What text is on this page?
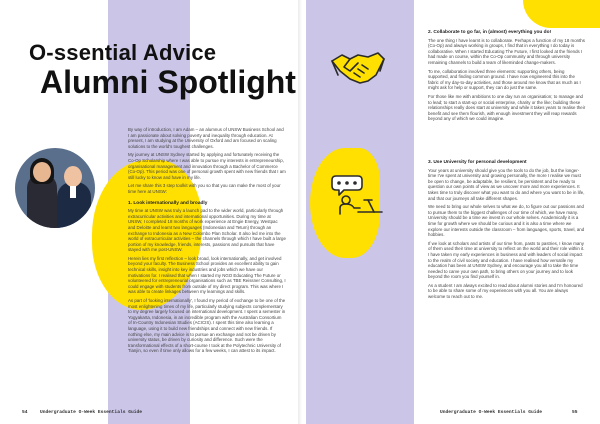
O-ssential Advice
Alumni Spotlight

By way of introduction, I am Adam – an alumnus of UNSW Business School and I am passionate about solving poverty and inequality through education. At present, I am studying at the University of Oxford and am focused on scaling solutions to the world's toughest challenges.

My journey at UNSW Sydney started by applying and fortunately receiving the Co-Op Scholarship where I was able to pursue my interests in entrepreneurship, organisational management and innovation through a Bachelor of Commerce (Co-Op). This period was one of personal growth spent with new friends that I am still lucky to know and have in my life.

Let me share this 3 step toolkit with you so that you can make the most of your time here at UNSW:

1. Look internationally and broadly

My time at UNSW was truly a launch pad to the wider world, particularly through extracurricular activities and international opportunities. During my time at UNSW, I completed 18 months of work experience at Engie Energy, Westpac and Deloitte and learnt two languages (Indonesian and Tetum) through an exchange to Indonesia as a New Colombo Plan Scholar. It also led me into the world of extracurricular activities – the channels through which I have built a large portion of my knowledge, friends, interests, passions and pursuits that have stayed with me post-UNSW.

Herein lies my first reflection – look broad, look internationally, and get involved beyond your faculty. The Business School provides an excellent ability to gain technical skills, insight into key industries and jobs which we have our motivations for. I realised that when I started my NGO Educating The Future or volunteered for entrepreneurial organisations such as TBE Reissner Consulting, I could engage with students from outside of my direct program. This was where I was able to create linkages between my learnings and skills.

As part of 'looking internationally', I found my period of exchange to be one of the most enlightening times of my life, particularly studying subjects complementary to my degree largely focused on international development. I spent a semester in Yogyakarta, Indonesia, in an incredible program with the Australian Consortium of In-Country Indonesian Studies (ACICIS). I spent this time also learning a language, using it to build new friendships and connect with new friends. If nothing else, my main advice is to pursue an exchange and not be driven by university status, be driven by curiosity and difference. Such were the transformational effects of a short-course I took at the Polytechnic University of Tianjin, so even if time only allows for a few weeks, I can attest to its impact.

54	Undergraduate O-Week Essentials Guide
2. Collaborate to go far, in (almost) everything you do!

The one thing I have learnt is to collaborate. Perhaps a function of my 18 months (Co-Op) and always working in groups, I find that in everything I do today is collaborative. When I started Educating The Future, I first looked at the friends I had made on course, within the Co-Op community and through university remaining channels to build a team of likeminded change-makers.

To me, collaboration involved three elements: supporting others, being supported, and finding common ground. I have now engineered this into the fabric of my day-to-day activities, and those around me know that as much as I might ask for help or support, they can do just the same.

For those like me with ambitions to one day run an organisation; to manage and to lead; to start a start-up or social enterprise, charity or the like; building these relationships really does start at university and while it takes years to realise their benefit and see them flourish, with enough investment they will reap rewards beyond any of which we could imagine.

3. Use University for personal development

Your years at university should give you the tools to do the job, but the longer-time I've spent at university and growing personally, the more I realise we must be open to change, be adaptable, be resilient, be persistent and be ready to question our own points of view as we uncover more and more experiences. It takes time to truly discover what you want to do and where you want to be in life, and that our journeys all take different shapes.

We need to bring our whole selves to what we do, to figure out our passions and to pursue them to the biggest challenges of our time of which, we have many. University should be a time we invest in our whole selves. Academically it is a time for growth where we should be curious and it is also a time where we explore our interests outside the classroom – from languages, sports, travel, and hobbies.

If we look at scholars and artists of our time from, pasts to pastries, I know many of them used their time at university to reflect on the world and their role within it. I have taken my early experiences in business and with leaders of social impact to the realm of civil society and education. I have realised how versatile my education has been at UNSW Sydney, and encourage you all to take the time needed to carve your own path, to bring others on your journey and to look beyond the room you find yourself in.

As a student I am always excited to read about alumni stories and I'm honoured to be able to share some of my experiences with you all. You are always welcome to reach out to me.

Undergraduate O-Week Essentials Guide	55
